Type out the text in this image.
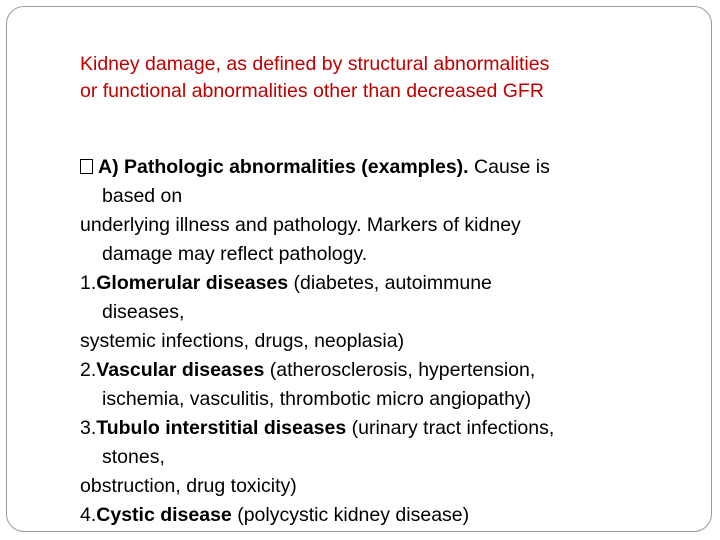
Kidney damage, as defined by structural abnormalities
or functional abnormalities other than decreased GFR
A) Pathologic abnormalities (examples). Cause is
based on
underlying illness and pathology. Markers of kidney
damage may reflect pathology.
1.Glomerular diseases (diabetes, autoimmune
diseases,
systemic infections, drugs, neoplasia)
2.Vascular diseases (atherosclerosis, hypertension,
ischemia, vasculitis, thrombotic micro angiopathy)
3.Tubulo interstitial diseases (urinary tract infections,
stones,
obstruction, drug toxicity)
4.Cystic disease (polycystic kidney disease)
